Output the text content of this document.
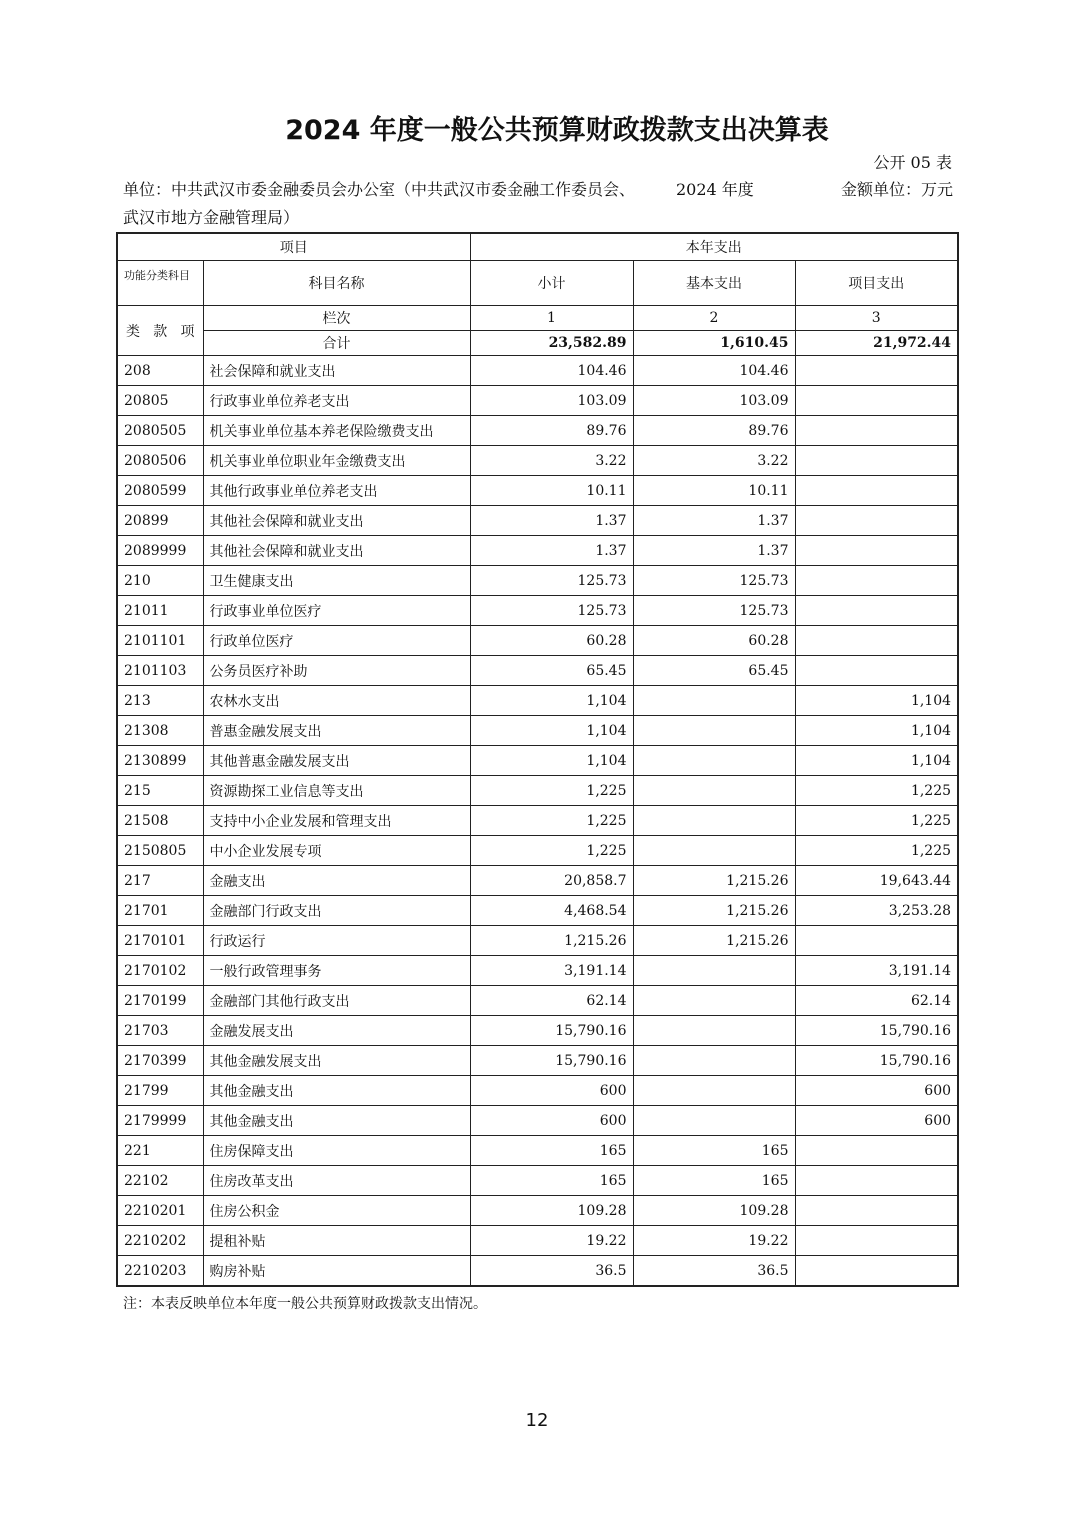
2024 年度一般公共预算财政拨款支出决算表
公开 05 表
单位：中共武汉市委金融委员会办公室（中共武汉市委金融工作委员会、武汉市地方金融管理局）
2024 年度	金额单位：万元
项目		本年支出		
功能分类科目	科目名称	小计	基本支出	项目支出

类 款 项	栏次	1	2	3
	合计	23,582.89	1,610.45	21,972.44
208	社会保障和就业支出	104.46	104.46	
20805	行政事业单位养老支出	103.09	103.09	
2080505	机关事业单位基本养老保险缴费支出	89.76	89.76	
2080506	机关事业单位职业年金缴费支出	3.22	3.22	
2080599	其他行政事业单位养老支出	10.11	10.11	
20899	其他社会保障和就业支出	1.37	1.37	
2089999	其他社会保障和就业支出	1.37	1.37	
210	卫生健康支出	125.73	125.73	
21011	行政事业单位医疗	125.73	125.73	
2101101	行政单位医疗	60.28	60.28	
2101103	公务员医疗补助	65.45	65.45	
213	农林水支出	1,104		1,104
21308	普惠金融发展支出	1,104		1,104
2130899	其他普惠金融发展支出	1,104		1,104
215	资源勘探工业信息等支出	1,225		1,225
21508	支持中小企业发展和管理支出	1,225		1,225
2150805	中小企业发展专项	1,225		1,225
217	金融支出	20,858.7	1,215.26	19,643.44
21701	金融部门行政支出	4,468.54	1,215.26	3,253.28
2170101	行政运行	1,215.26	1,215.26	
2170102	一般行政管理事务	3,191.14		3,191.14
2170199	金融部门其他行政支出	62.14		62.14
21703	金融发展支出	15,790.16		15,790.16
2170399	其他金融发展支出	15,790.16		15,790.16
21799	其他金融支出	600		600
2179999	其他金融支出	600		600
221	住房保障支出	165	165	
22102	住房改革支出	165	165	
2210201	住房公积金	109.28	109.28	
2210202	提租补贴	19.22	19.22	
2210203	购房补贴	36.5	36.5	
注：本表反映单位本年度一般公共预算财政拨款支出情况。
12
